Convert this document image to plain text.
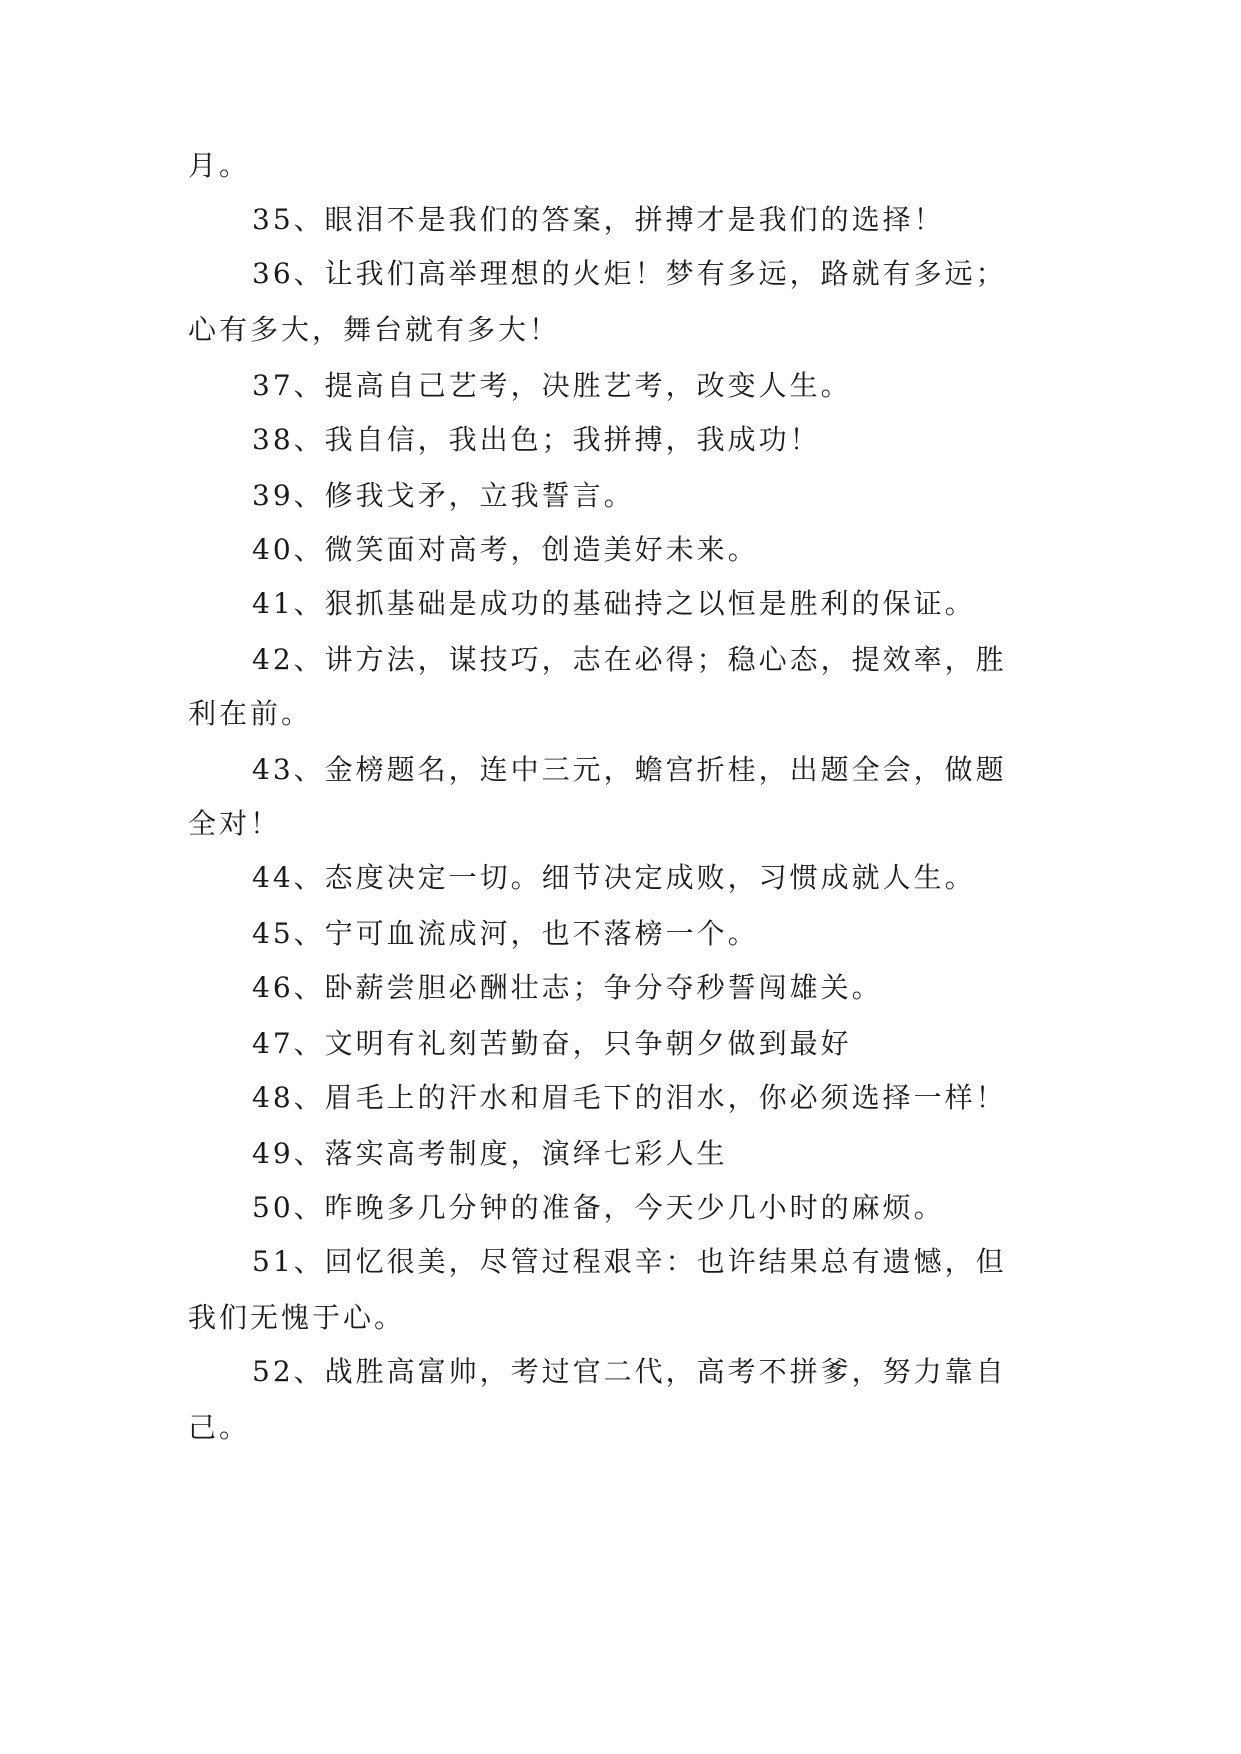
月。
35、眼泪不是我们的答案，拼搏才是我们的选择！
36、让我们高举理想的火炬！梦有多远，路就有多远；
心有多大，舞台就有多大！
37、提高自己艺考，决胜艺考，改变人生。
38、我自信，我出色；我拼搏，我成功！
39、修我戈矛，立我誓言。
40、微笑面对高考，创造美好未来。
41、狠抓基础是成功的基础持之以恒是胜利的保证。
42、讲方法，谋技巧，志在必得；稳心态，提效率，胜
利在前。
43、金榜题名，连中三元，蟾宫折桂，出题全会，做题
全对！
44、态度决定一切。细节决定成败，习惯成就人生。
45、宁可血流成河，也不落榜一个。
46、卧薪尝胆必酬壮志；争分夺秒誓闯雄关。
47、文明有礼刻苦勤奋，只争朝夕做到最好
48、眉毛上的汗水和眉毛下的泪水，你必须选择一样！
49、落实高考制度，演绎七彩人生
50、昨晚多几分钟的准备，今天少几小时的麻烦。
51、回忆很美，尽管过程艰辛：也许结果总有遗憾，但
我们无愧于心。
52、战胜高富帅，考过官二代，高考不拼爹，努力靠自
己。
